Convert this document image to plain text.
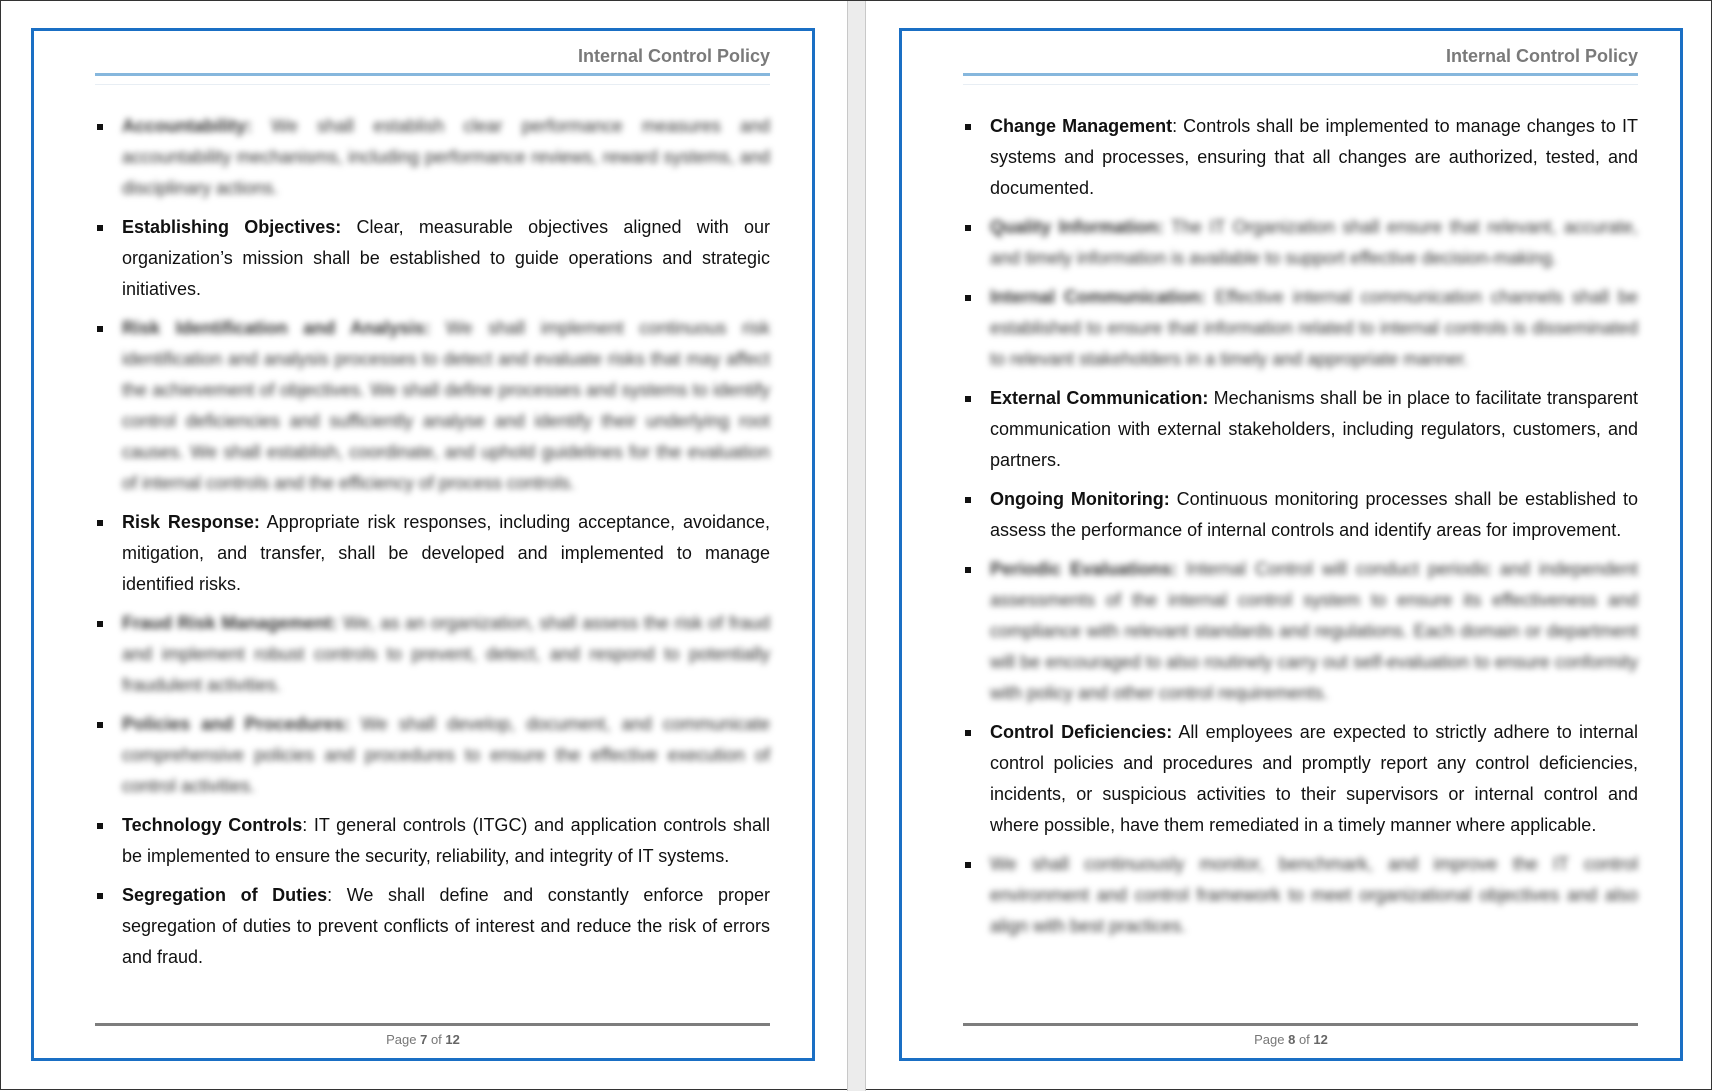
Internal Control Policy
Accountability: We shall establish clear performance measures and accountability mechanisms, including performance reviews, reward systems, and disciplinary actions.
Establishing Objectives: Clear, measurable objectives aligned with our organization’s mission shall be established to guide operations and strategic initiatives.
Risk Identification and Analysis: We shall implement continuous risk identification and analysis processes to detect and evaluate risks that may affect the achievement of objectives. We shall define processes and systems to identify control deficiencies and sufficiently analyse and identify their underlying root causes. We shall establish, coordinate, and uphold guidelines for the evaluation of internal controls and the efficiency of process controls.
Risk Response: Appropriate risk responses, including acceptance, avoidance, mitigation, and transfer, shall be developed and implemented to manage identified risks.
Fraud Risk Management: We, as an organization, shall assess the risk of fraud and implement robust controls to prevent, detect, and respond to potentially fraudulent activities.
Policies and Procedures: We shall develop, document, and communicate comprehensive policies and procedures to ensure the effective execution of control activities.
Technology Controls: IT general controls (ITGC) and application controls shall be implemented to ensure the security, reliability, and integrity of IT systems.
Segregation of Duties: We shall define and constantly enforce proper segregation of duties to prevent conflicts of interest and reduce the risk of errors and fraud.
Page 7 of 12
Internal Control Policy
Change Management: Controls shall be implemented to manage changes to IT systems and processes, ensuring that all changes are authorized, tested, and documented.
Quality Information: The IT Organization shall ensure that relevant, accurate, and timely information is available to support effective decision-making.
Internal Communication: Effective internal communication channels shall be established to ensure that information related to internal controls is disseminated to relevant stakeholders in a timely and appropriate manner.
External Communication: Mechanisms shall be in place to facilitate transparent communication with external stakeholders, including regulators, customers, and partners.
Ongoing Monitoring: Continuous monitoring processes shall be established to assess the performance of internal controls and identify areas for improvement.
Periodic Evaluations: Internal Control will conduct periodic and independent assessments of the internal control system to ensure its effectiveness and compliance with relevant standards and regulations. Each domain or department will be encouraged to also routinely carry out self-evaluation to ensure conformity with policy and other control requirements.
Control Deficiencies: All employees are expected to strictly adhere to internal control policies and procedures and promptly report any control deficiencies, incidents, or suspicious activities to their supervisors or internal control and where possible, have them remediated in a timely manner where applicable.
We shall continuously monitor, benchmark, and improve the IT control environment and control framework to meet organizational objectives and also align with best practices.
Page 8 of 12
